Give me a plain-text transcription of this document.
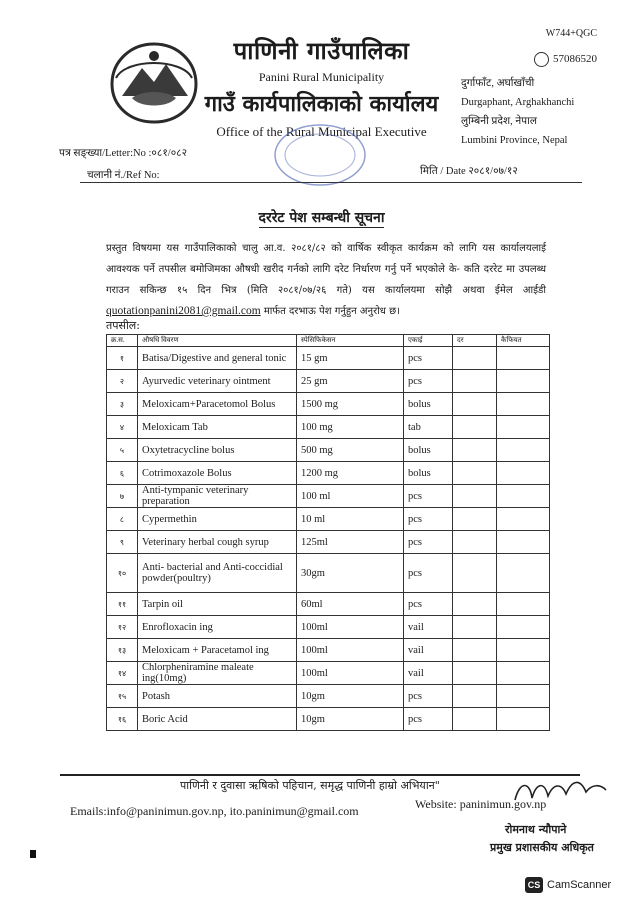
W744+QGC
57086520
पाणिनी गाउँपालिका
Panini Rural Municipality
गाउँ कार्यपालिकाको कार्यालय
Office of the Rural Municipal Executive
दुर्गाफाँट, अर्घाखाँची
Durgaphant, Arghakhanchi
लुम्बिनी प्रदेश, नेपाल
Lumbini Province, Nepal
पत्र सङ्ख्या/Letter:No :०८१/०८२
चलानी नं./Ref No:	मिति / Date २०८१/०७/१२
दररेट पेश सम्बन्धी सूचना
प्रस्तुत विषयमा यस गाउँपालिकाको चालु आ.व. २०८१/८२ को वार्षिक स्वीकृत कार्यक्रम को लागि यस कार्यालयलाई आवश्यक पर्ने तपसील बमोजिमका औषधी खरीद गर्नको लागि दरेट निर्धारण गर्नु पर्ने भएकोले के- कति दररेट मा उपलब्ध गराउन सकिन्छ १५ दिन भित्र (मिति २०८१/०७/२६ गते) यस कार्यालयमा सोझै अथवा ईमेल आईडी quotationpanini2081@gmail.com मार्फत दरभाऊ पेश गर्नुहुन अनुरोध छ।
तपसील:
क्र.स.	औषधि विवरण	स्पेसिफिकेसन	एकाई	दर	कैफियत
१	Batisa/Digestive and general tonic	15 gm	pcs		
२	Ayurvedic veterinary ointment	25 gm	pcs		
३	Meloxicam+Paracetomol Bolus	1500 mg	bolus		
४	Meloxicam Tab	100 mg	tab		
५	Oxytetracycline bolus	500 mg	bolus		
६	Cotrimoxazole Bolus	1200 mg	bolus		
७	Anti-tympanic veterinary preparation	100 ml	pcs		
८	Cypermethin	10 ml	pcs		
९	Veterinary herbal cough syrup	125ml	pcs		
१०	Anti- bacterial and Anti-coccidial powder(poultry)	30gm	pcs		
११	Tarpin oil	60ml	pcs		
१२	Enrofloxacin ing	100ml	vail		
१३	Meloxicam + Paracetamol ing	100ml	vail		
१४	Chlorpheniramine maleate ing(10mg)	100ml	vail		
१५	Potash	10gm	pcs		
१६	Boric Acid	10gm	pcs		
पाणिनी र दुवासा ऋषिको पहिचान, समृद्ध पाणिनी हाम्रो अभियान"
Emails:info@paninimun.gov.np, ito.paninimun@gmail.com	Website: paninimun.gov.np
रोमनाथ न्यौपाने
प्रमुख प्रशासकीय अधिकृत
CS CamScanner
